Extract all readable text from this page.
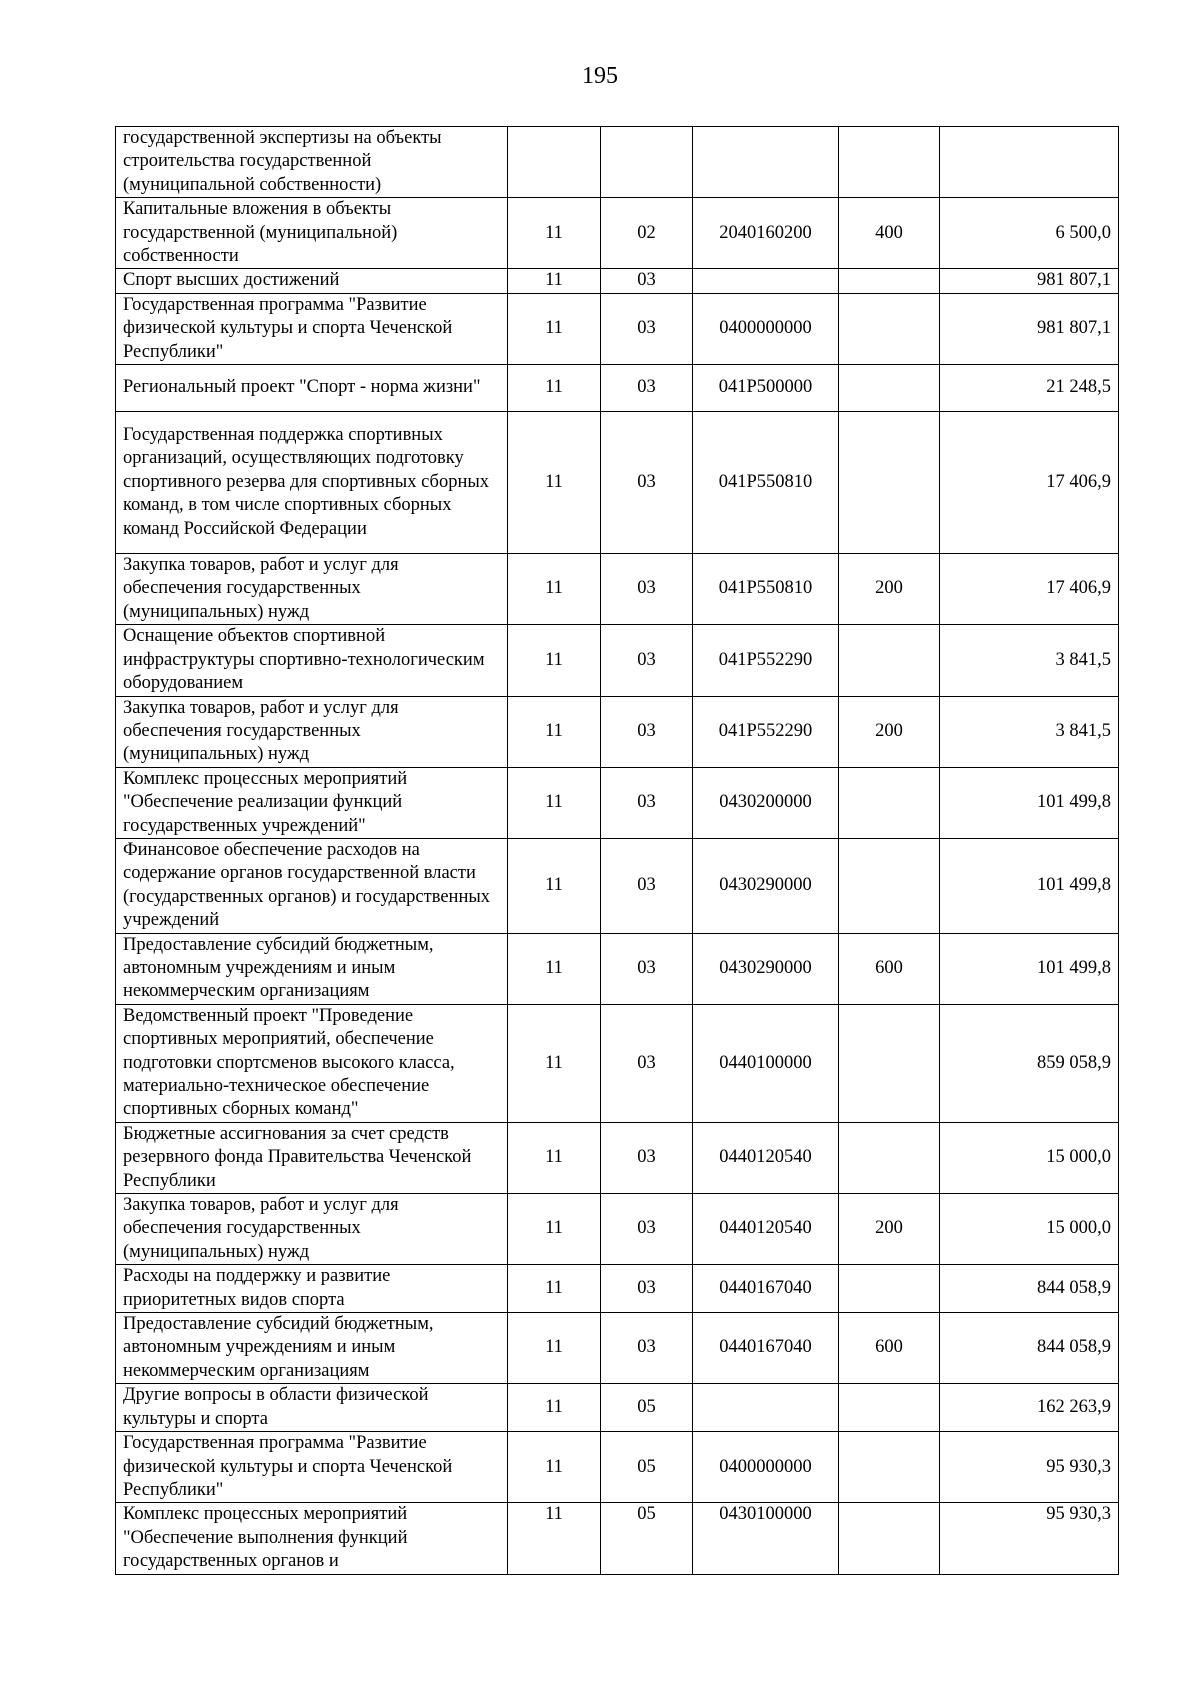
195
государственной экспертизы на объекты строительства государственной (муниципальной собственности)					
Капитальные вложения в объекты государственной (муниципальной) собственности	11	02	2040160200	400	6 500,0
Спорт высших достижений	11	03			981 807,1
Государственная программа "Развитие физической культуры и спорта Чеченской Республики"	11	03	0400000000		981 807,1
Региональный проект "Спорт - норма жизни"	11	03	041Р500000		21 248,5
Государственная поддержка спортивных организаций, осуществляющих подготовку спортивного резерва для спортивных сборных команд, в том числе спортивных сборных команд Российской Федерации	11	03	041Р550810		17 406,9
Закупка товаров, работ и услуг для обеспечения государственных (муниципальных) нужд	11	03	041Р550810	200	17 406,9
Оснащение объектов спортивной инфраструктуры спортивно-технологическим оборудованием	11	03	041Р552290		3 841,5
Закупка товаров, работ и услуг для обеспечения государственных (муниципальных) нужд	11	03	041Р552290	200	3 841,5
Комплекс процессных мероприятий "Обеспечение реализации функций государственных учреждений"	11	03	0430200000		101 499,8
Финансовое обеспечение расходов на содержание органов государственной власти (государственных органов) и государственных учреждений	11	03	0430290000		101 499,8
Предоставление субсидий бюджетным, автономным учреждениям и иным некоммерческим организациям	11	03	0430290000	600	101 499,8
Ведомственный проект "Проведение спортивных мероприятий, обеспечение подготовки спортсменов высокого класса, материально-техническое обеспечение спортивных сборных команд"	11	03	0440100000		859 058,9
Бюджетные ассигнования за счет средств резервного фонда Правительства Чеченской Республики	11	03	0440120540		15 000,0
Закупка товаров, работ и услуг для обеспечения государственных (муниципальных) нужд	11	03	0440120540	200	15 000,0
Расходы на поддержку и развитие приоритетных видов спорта	11	03	0440167040		844 058,9
Предоставление субсидий бюджетным, автономным учреждениям и иным некоммерческим организациям	11	03	0440167040	600	844 058,9
Другие вопросы в области физической культуры и спорта	11	05			162 263,9
Государственная программа "Развитие физической культуры и спорта Чеченской Республики"	11	05	0400000000		95 930,3
Комплекс процессных мероприятий "Обеспечение выполнения функций государственных органов и	11	05	0430100000		95 930,3
